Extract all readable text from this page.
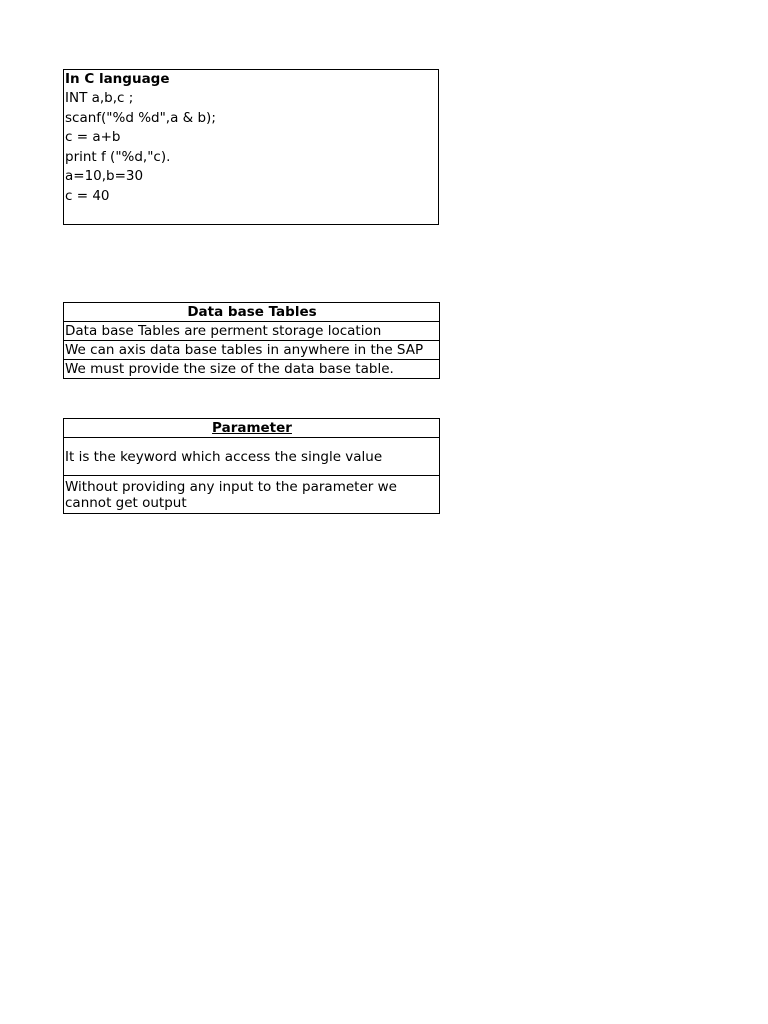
In C language
INT a,b,c ;
scanf("%d %d",a & b);
c = a+b
print f ("%d,"c).
a=10,b=30
c = 40
Data base Tables
Data base Tables are perment storage location
We can axis data base tables in anywhere in the SAP
We must provide the size of the data base table.
Parameter
It is the keyword which access the single value
Without providing any input to the parameter we cannot get output
